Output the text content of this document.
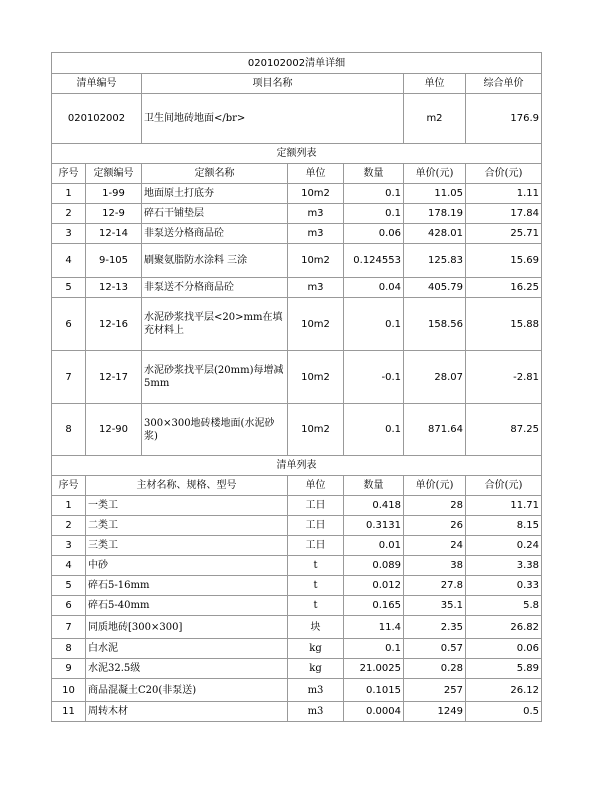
020102002清单详细						
清单编号		项目名称			单位	综合单价
020102002		卫生间地砖地面</br>			m2	176.9
定额列表						
序号	定额编号	定额名称	单位	数量	单价(元)	合价(元)
1	1-99	地面原土打底夯	10m2	0.1	11.05	1.11
2	12-9	碎石干铺垫层	m3	0.1	178.19	17.84
3	12-14	非泵送分格商品砼	m3	0.06	428.01	25.71
4	9-105	刷聚氨脂防水涂料 三涂	10m2	0.124553	125.83	15.69
5	12-13	非泵送不分格商品砼	m3	0.04	405.79	16.25
6	12-16	水泥砂浆找平层<20>mm在填充材料上	10m2	0.1	158.56	15.88
7	12-17	水泥砂浆找平层(20mm)每增减5mm	10m2	-0.1	28.07	-2.81
8	12-90	300×300地砖楼地面(水泥砂浆)	10m2	0.1	871.64	87.25
清单列表						
序号	主材名称、规格、型号		单位	数量	单价(元)	合价(元)
1	一类工		工日	0.418	28	11.71
2	二类工		工日	0.3131	26	8.15
3	三类工		工日	0.01	24	0.24
4	中砂		t	0.089	38	3.38
5	碎石5-16mm		t	0.012	27.8	0.33
6	碎石5-40mm		t	0.165	35.1	5.8
7	同质地砖[300×300]		块	11.4	2.35	26.82
8	白水泥		kg	0.1	0.57	0.06
9	水泥32.5级		kg	21.0025	0.28	5.89
10	商品混凝土C20(非泵送)		m3	0.1015	257	26.12
11	周转木材		m3	0.0004	1249	0.5
